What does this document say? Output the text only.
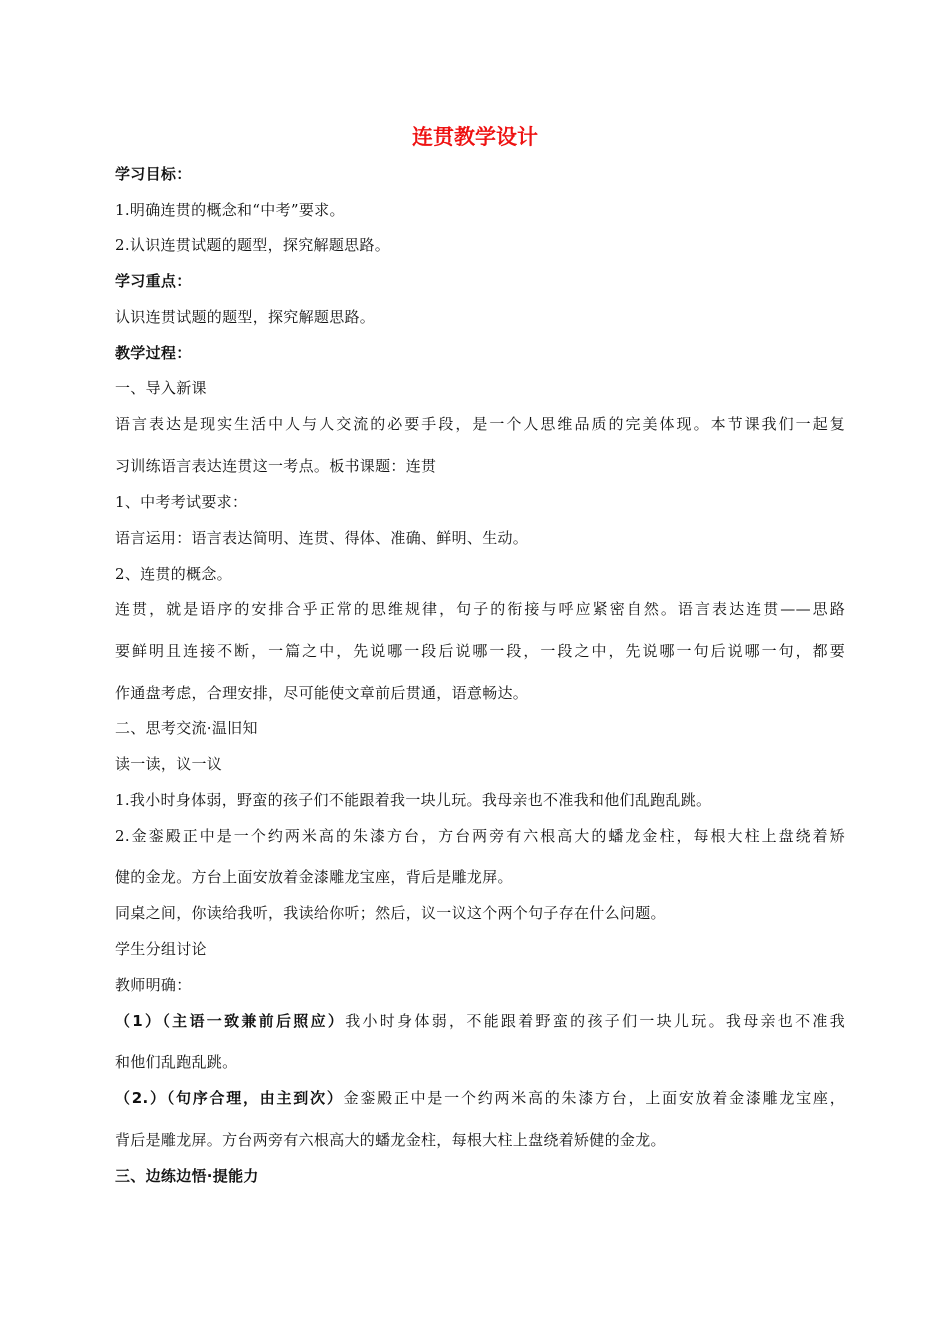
连贯教学设计
学习目标：
1.明确连贯的概念和“中考”要求。
2.认识连贯试题的题型，探究解题思路。
学习重点：
认识连贯试题的题型，探究解题思路。
教学过程：
一、导入新课
语言表达是现实生活中人与人交流的必要手段，是一个人思维品质的完美体现。本节课我们一起复
习训练语言表达连贯这一考点。板书课题：连贯
1、中考考试要求：
语言运用：语言表达简明、连贯、得体、准确、鲜明、生动。
2、连贯的概念。
连贯，就是语序的安排合乎正常的思维规律，句子的衔接与呼应紧密自然。语言表达连贯——思路
要鲜明且连接不断，一篇之中，先说哪一段后说哪一段，一段之中，先说哪一句后说哪一句，都要
作通盘考虑，合理安排，尽可能使文章前后贯通，语意畅达。
二、思考交流·温旧知
读一读，议一议
1.我小时身体弱，野蛮的孩子们不能跟着我一块儿玩。我母亲也不准我和他们乱跑乱跳。
2.金銮殿正中是一个约两米高的朱漆方台，方台两旁有六根高大的蟠龙金柱，每根大柱上盘绕着矫
健的金龙。方台上面安放着金漆雕龙宝座，背后是雕龙屏。
同桌之间，你读给我听，我读给你听；然后，议一议这个两个句子存在什么问题。
学生分组讨论
教师明确：
（1）（主语一致兼前后照应）我小时身体弱，不能跟着野蛮的孩子们一块儿玩。我母亲也不准我
和他们乱跑乱跳。
（2.）（句序合理，由主到次）金銮殿正中是一个约两米高的朱漆方台，上面安放着金漆雕龙宝座，
背后是雕龙屏。方台两旁有六根高大的蟠龙金柱，每根大柱上盘绕着矫健的金龙。
三、边练边悟·提能力
